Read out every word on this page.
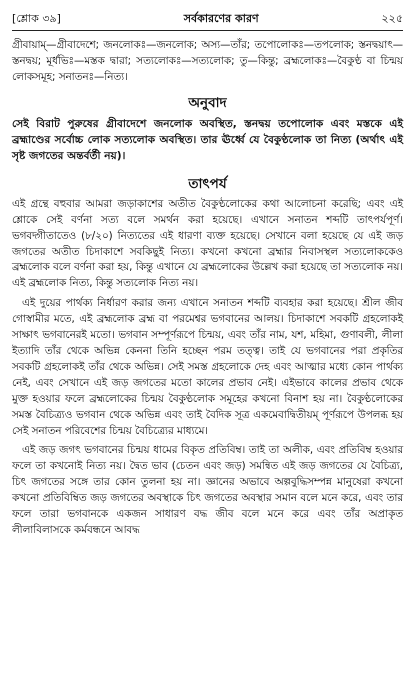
[শ্লোক ৩৯]	সর্বকারণের কারণ	২২৫
গ্রীবায়াম্—গ্রীবাদেশে; জনলোকঃ—জনলোক; অস্য—তাঁর; তপোলোকঃ—তপলোক; স্তনদ্বয়াৎ—স্তনদ্বয়; মূর্ধভিঃ—মস্তক দ্বারা; সত্যলোকঃ—সত্যলোক; তু—কিন্তু; ব্রহ্মলোকঃ—বৈকুণ্ঠ বা চিন্ময় লোকসমূহ; সনাতনঃ—নিত্য।
অনুবাদ
সেই বিরাট পুরুষের গ্রীবাদেশে জনলোক অবস্থিত, স্তনদ্বয় তপোলোক এবং মস্তকে এই ব্রহ্মাণ্ডের সর্বোচ্চ লোক সত্যলোক অবস্থিত। তার ঊর্ধ্বে যে বৈকুণ্ঠলোক তা নিত্য (অর্থাৎ এই সৃষ্ট জগতের অন্তর্বর্তী নয়)।
তাৎপর্য

এই গ্রন্থে বহুবার আমরা জড়াকাশের অতীত বৈকুণ্ঠলোকের কথা আলোচনা করেছি; এবং এই শ্লোকে সেই বর্ণনা সত্য বলে সমর্থন করা হয়েছে। এখানে সনাতন শব্দটি তাৎপর্যপূর্ণ। ভগবদ্গীতাতেও (৮/২০) নিত্যতের এই ধারণা ব্যক্ত হয়েছে। সেখানে বলা হয়েছে যে এই জড় জগতের অতীত চিদাকাশে সবকিছুই নিত্য। কখনো কখনো ব্রহ্মার নিবাসস্থল সত্যলোককেও ব্রহ্মলোক বলে বর্ণনা করা হয়, কিন্তু এখানে যে ব্রহ্মলোকের উল্লেখ করা হয়েছে তা সত্যলোক নয়। এই ব্রহ্মলোক নিত্য, কিন্তু সত্যলোক নিত্য নয়।

এই দুয়ের পার্থক্য নির্ধারণ করার জন্য এখানে সনাতন শব্দটি ব্যবহার করা হয়েছে। শ্রীল জীব গোস্বামীর মতে, এই ব্রহ্মলোক ব্রহ্ম বা পরমেশ্বর ভগবানের আলয়। চিদাকাশে সবকটি গ্রহলোকই সাক্ষাৎ ভগবানেরই মতো। ভগবান সম্পূর্ণরূপে চিন্ময়, এবং তাঁর নাম, যশ, মহিমা, গুণাবলী, লীলা ইত্যাদি তাঁর থেকে অভিন্ন কেননা তিনি হচ্ছেন পরম তত্ত্ব। তাই যে ভগবানের পরা প্রকৃতির সবকটি গ্রহলোকই তাঁর থেকে অভিন্ন। সেই সমস্ত গ্রহলোকে দেহ এবং আত্মার মধ্যে কোন পার্থক্য নেই, এবং সেখানে এই জড় জগতের মতো কালের প্রভাব নেই। এইভাবে কালের প্রভাব থেকে মুক্ত হওয়ার ফলে ব্রহ্মলোকের চিন্ময় বৈকুণ্ঠলোক সমূহের কখনো বিনাশ হয় না। বৈকুণ্ঠলোকের সমস্ত বৈচিত্র্যও ভগবান থেকে অভিন্ন এবং তাই বৈদিক সূত্র একমেবাদ্বিতীয়ম্ পূর্ণরূপে উপলব্ধ হয় সেই সনাতন পরিবেশের চিন্ময় বৈচিত্র্যের মাধ্যমে।

এই জড় জগৎ ভগবানের চিন্ময় ধামের বিকৃত প্রতিবিম্ব। তাই তা অলীক, এবং প্রতিবিম্ব হওয়ার ফলে তা কখনোই নিত্য নয়। দ্বৈত ভাব (চেতন এবং জড়) সমন্বিত এই জড় জগতের যে বৈচিত্র্য, চিৎ জগতের সঙ্গে তার কোন তুলনা হয় না। জ্ঞানের অভাবে অল্পবুদ্ধিসম্পন্ন মানুষেরা কখনো কখনো প্রতিবিম্বিত জড় জগতের অবস্থাকে চিৎ জগতের অবস্থার সমান বলে মনে করে, এবং তার ফলে তারা ভগবানকে একজন সাধারণ বদ্ধ জীব বলে মনে করে এবং তাঁর অপ্রাকৃত লীলাবিলাসকে কর্মবন্ধনে আবদ্ধ
